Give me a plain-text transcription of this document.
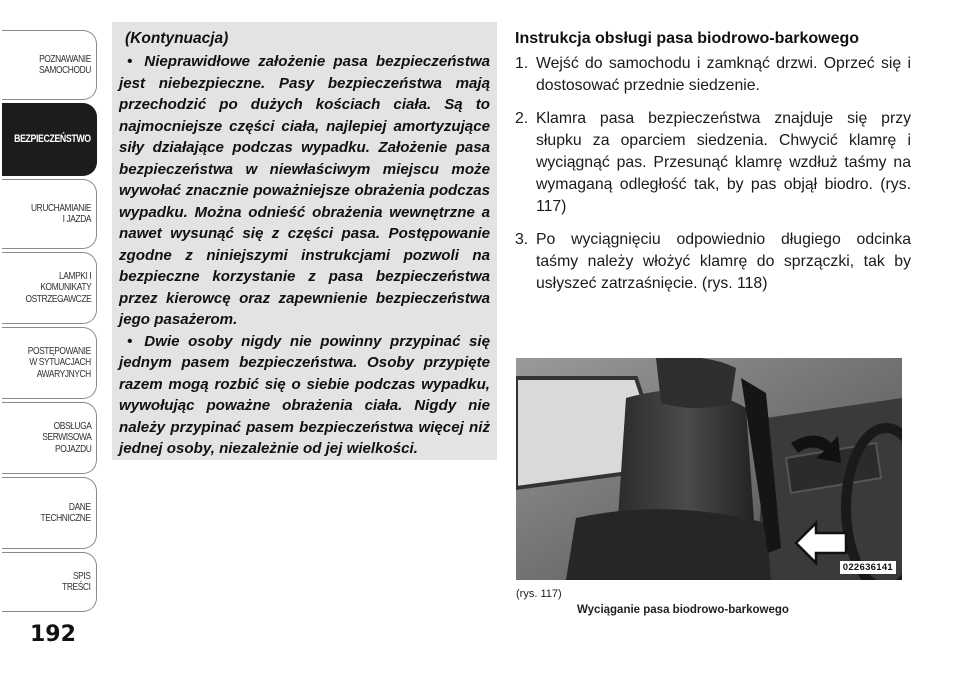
POZNAWANIE
SAMOCHODU
BEZPIECZEŃSTWO
URUCHAMIANIE
I JAZDA
LAMPKI I
KOMUNIKATY
OSTRZEGAWCZE
POSTĘPOWANIE
W SYTUACJACH
AWARYJNYCH
OBSŁUGA
SERWISOWA
POJAZDU
DANE
TECHNICZNE
SPIS
TREŚCI
192
(Kontynuacja)

• Nieprawidłowe założenie pasa bezpieczeństwa jest niebezpieczne. Pasy bezpieczeństwa mają przechodzić po dużych kościach ciała. Są to najmocniejsze części ciała, najlepiej amortyzujące siły działające podczas wypadku. Założenie pasa bezpieczeństwa w niewłaściwym miejscu może wywołać znacznie poważniejsze obrażenia podczas wypadku. Można odnieść obrażenia wewnętrzne a nawet wysunąć się z części pasa. Postępowanie zgodne z niniejszymi instrukcjami pozwoli na bezpieczne korzystanie z pasa bezpieczeństwa przez kierowcę oraz zapewnienie bezpieczeństwa jego pasażerom.

• Dwie osoby nigdy nie powinny przypinać się jednym pasem bezpieczeństwa. Osoby przypięte razem mogą rozbić się o siebie podczas wypadku, wywołując poważne obrażenia ciała. Nigdy nie należy przypinać pasem bezpieczeństwa więcej niż jednej osoby, niezależnie od jej wielkości.

Instrukcja obsługi pasa biodrowo-barkowego
1. Wejść do samochodu i zamknąć drzwi. Oprzeć się i dostosować przednie siedzenie.
2. Klamra pasa bezpieczeństwa znajduje się przy słupku za oparciem siedzenia. Chwycić klamrę i wyciągnąć pas. Przesunąć klamrę wzdłuż taśmy na wymaganą odległość tak, by pas objął biodro. (rys. 117)
3. Po wyciągnięciu odpowiednio długiego odcinka taśmy należy włożyć klamrę do sprzączki, tak by usłyszeć zatrzaśnięcie. (rys. 118)
022636141
(rys. 117)
Wyciąganie pasa biodrowo-barkowego
